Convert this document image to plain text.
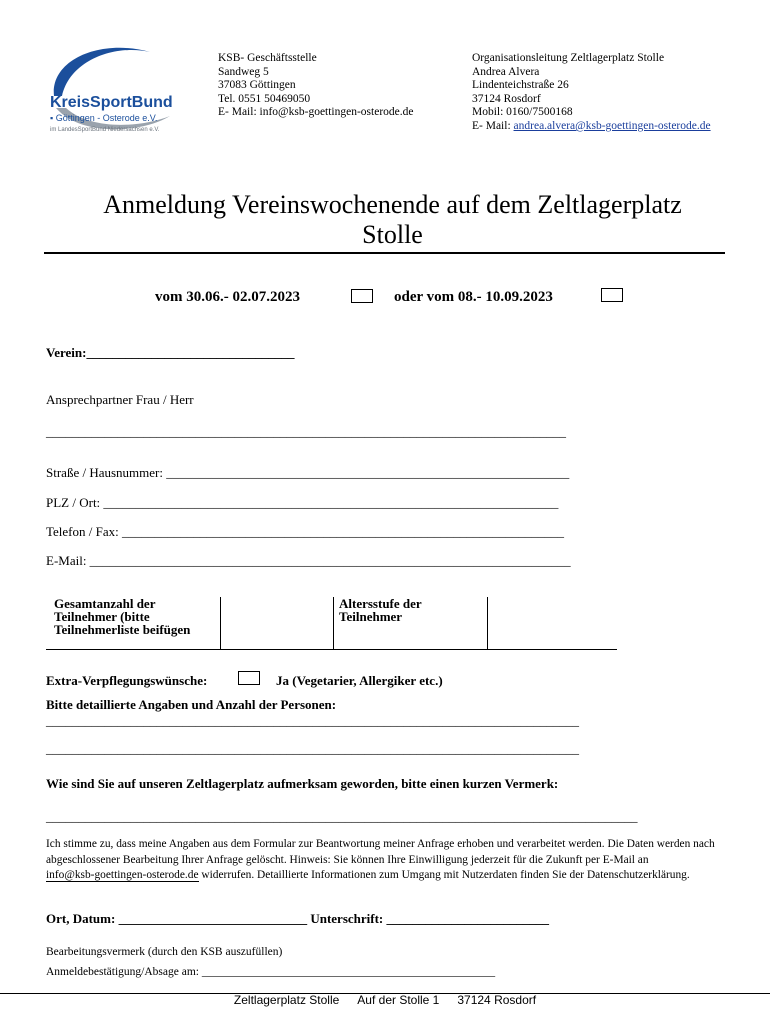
KreisSportBund
▪ Göttingen - Osterode e.V.
im LandesSportBund Niedersachsen e.V.
KSB- Geschäftsstelle
Sandweg 5
37083 Göttingen
Tel. 0551 50469050
E- Mail: info@ksb-goettingen-osterode.de
Organisationsleitung Zeltlagerplatz Stolle
Andrea Alvera
Lindenteichstraße 26
37124 Rosdorf
Mobil: 0160/7500168
E- Mail: andrea.alvera@ksb-goettingen-osterode.de
Anmeldung Vereinswochenende auf dem Zeltlagerplatz
Stolle
vom 30.06.- 02.07.2023	oder vom 08.- 10.09.2023
Verein:________________________________
Ansprechpartner Frau / Herr
________________________________________________________________________________
Straße / Hausnummer: ______________________________________________________________
PLZ / Ort: ______________________________________________________________________
Telefon / Fax: ____________________________________________________________________
E-Mail: __________________________________________________________________________
Gesamtanzahl der Teilnehmer (bitte Teilnehmerliste beifügen
Altersstufe der Teilnehmer
Extra-Verpflegungswünsche:	Ja (Vegetarier, Allergiker etc.)
Bitte detaillierte Angaben und Anzahl der Personen:
__________________________________________________________________________________
__________________________________________________________________________________
Wie sind Sie auf unseren Zeltlagerplatz aufmerksam geworden, bitte einen kurzen Vermerk:
___________________________________________________________________________________________
Ich stimme zu, dass meine Angaben aus dem Formular zur Beantwortung meiner Anfrage erhoben und verarbeitet werden. Die Daten werden nach abgeschlossener Bearbeitung Ihrer Anfrage gelöscht. Hinweis: Sie können Ihre Einwilligung jederzeit für die Zukunft per E-Mail an info@ksb-goettingen-osterode.de widerrufen. Detaillierte Informationen zum Umgang mit Nutzerdaten finden Sie der Datenschutzerklärung.
Ort, Datum: _____________________________ Unterschrift: _________________________
Bearbeitungsvermerk (durch den KSB auszufüllen)
Anmeldebestätigung/Absage am: ___________________________________________________
Zeltlagerplatz Stolle Auf der Stolle 1 37124 Rosdorf
